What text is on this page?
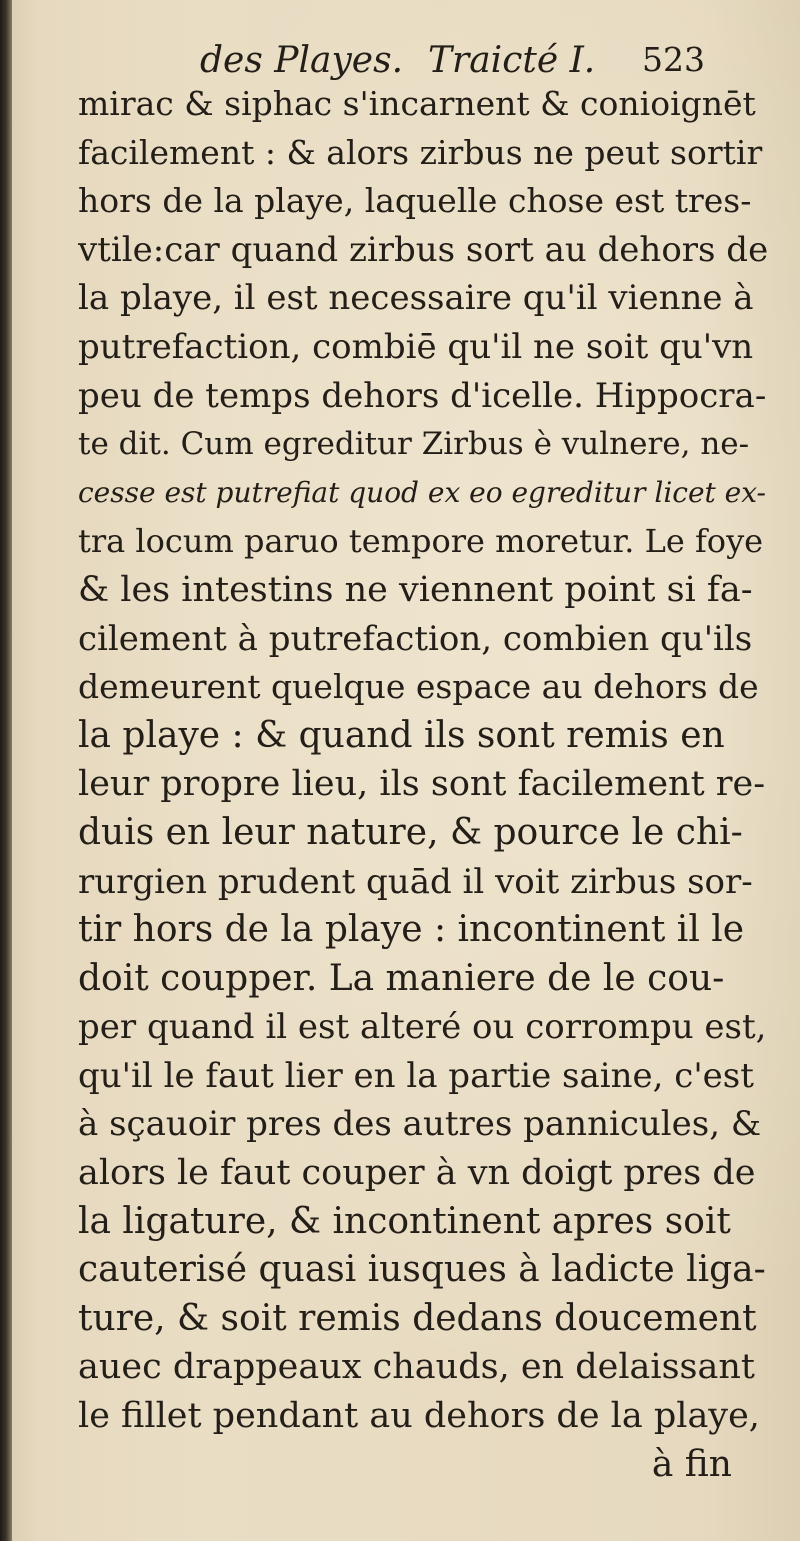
des Playes. Traicté I. 523
mirac & siphac s'incarnent & conioignēt
facilement : & alors zirbus ne peut sortir
hors de la playe, laquelle chose est tres-
vtile:car quand zirbus sort au dehors de
la playe, il est necessaire qu'il vienne à
putrefaction, combiē qu'il ne soit qu'vn
peu de temps dehors d'icelle. Hippocra-
te dit. Cum egreditur Zirbus è vulnere, ne-
cesse est putrefiat quod ex eo egreditur licet ex-
tra locum paruo tempore moretur. Le foye
& les intestins ne viennent point si fa-
cilement à putrefaction, combien qu'ils
demeurent quelque espace au dehors de
la playe : & quand ils sont remis en
leur propre lieu, ils sont facilement re-
duis en leur nature, & pource le chi-
rurgien prudent quād il voit zirbus sor-
tir hors de la playe : incontinent il le
doit coupper. La maniere de le cou-
per quand il est alteré ou corrompu est,
qu'il le faut lier en la partie saine, c'est
à sçauoir pres des autres pannicules, &
alors le faut couper à vn doigt pres de
la ligature, & incontinent apres soit
cauterisé quasi iusques à ladicte liga-
ture, & soit remis dedans doucement
auec drappeaux chauds, en delaissant
le fillet pendant au dehors de la playe,
à fin
